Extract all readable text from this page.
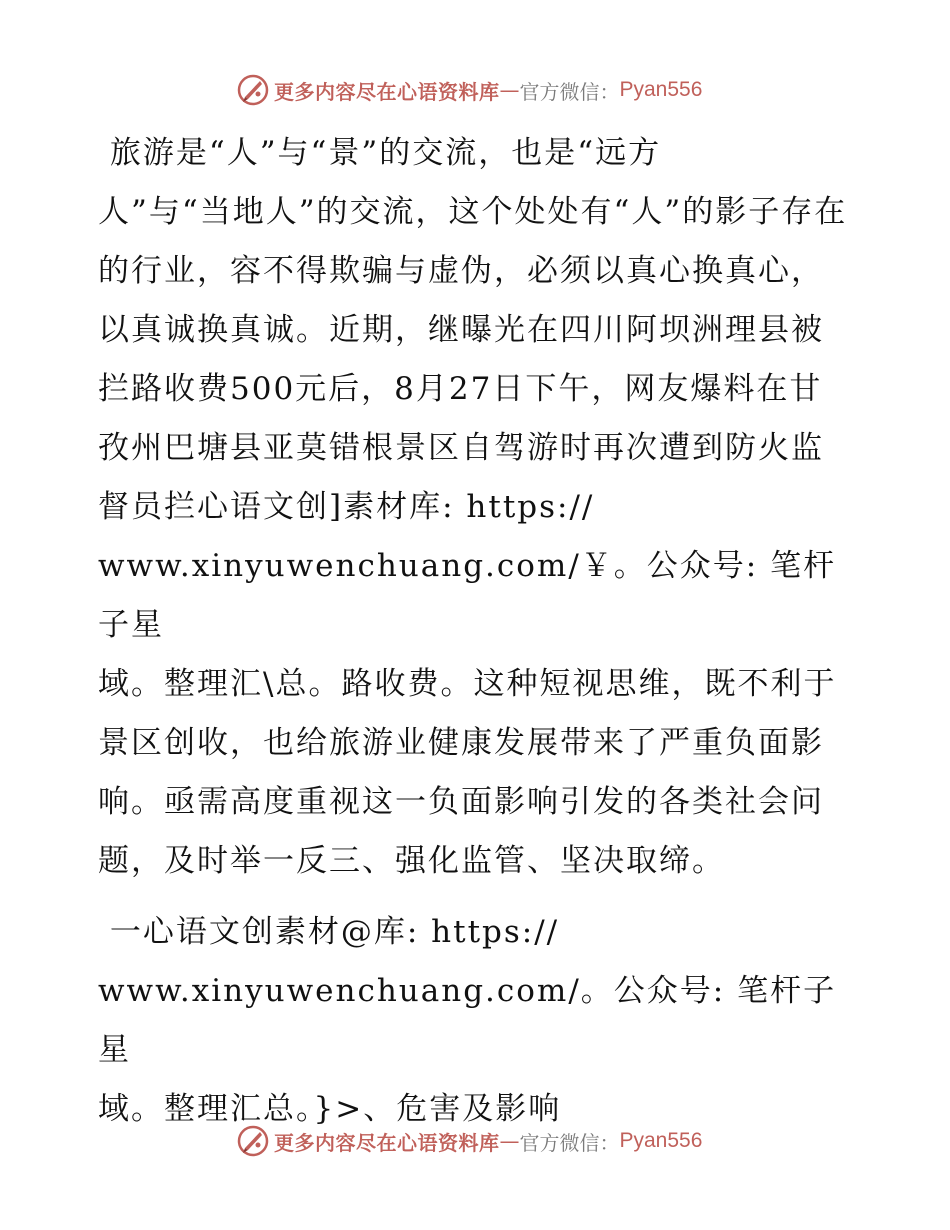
更多内容尽在心语资料库 — 官方微信： Pyan556

旅游是“人”与“景”的交流，也是“远方
人”与“当地人”的交流，这个处处有“人”的影子存在的行业，容不得欺骗与虚伪，必须以真心换真心，以真诚换真诚。近期，继曝光在四川阿坝洲理县被拦路收费500元后，8月27日下午，网友爆料在甘孜州巴塘县亚莫错根景区自驾游时再次遭到防火监督员拦心语文创]素材库: https://
www.xinyuwenchuang.com/￥。公众号: 笔杆子星
域。整理汇\总。路收费。这种短视思维，既不利于景区创收，也给旅游业健康发展带来了严重负面影响。亟需高度重视这一负面影响引发的各类社会问题，及时举一反三、强化监管、坚决取缔。

一心语文创素材@库: https://
www.xinyuwenchuang.com/。公众号: 笔杆子星
域。整理汇总。}>、危害及影响

更多内容尽在心语资料库 — 官方微信： Pyan556
